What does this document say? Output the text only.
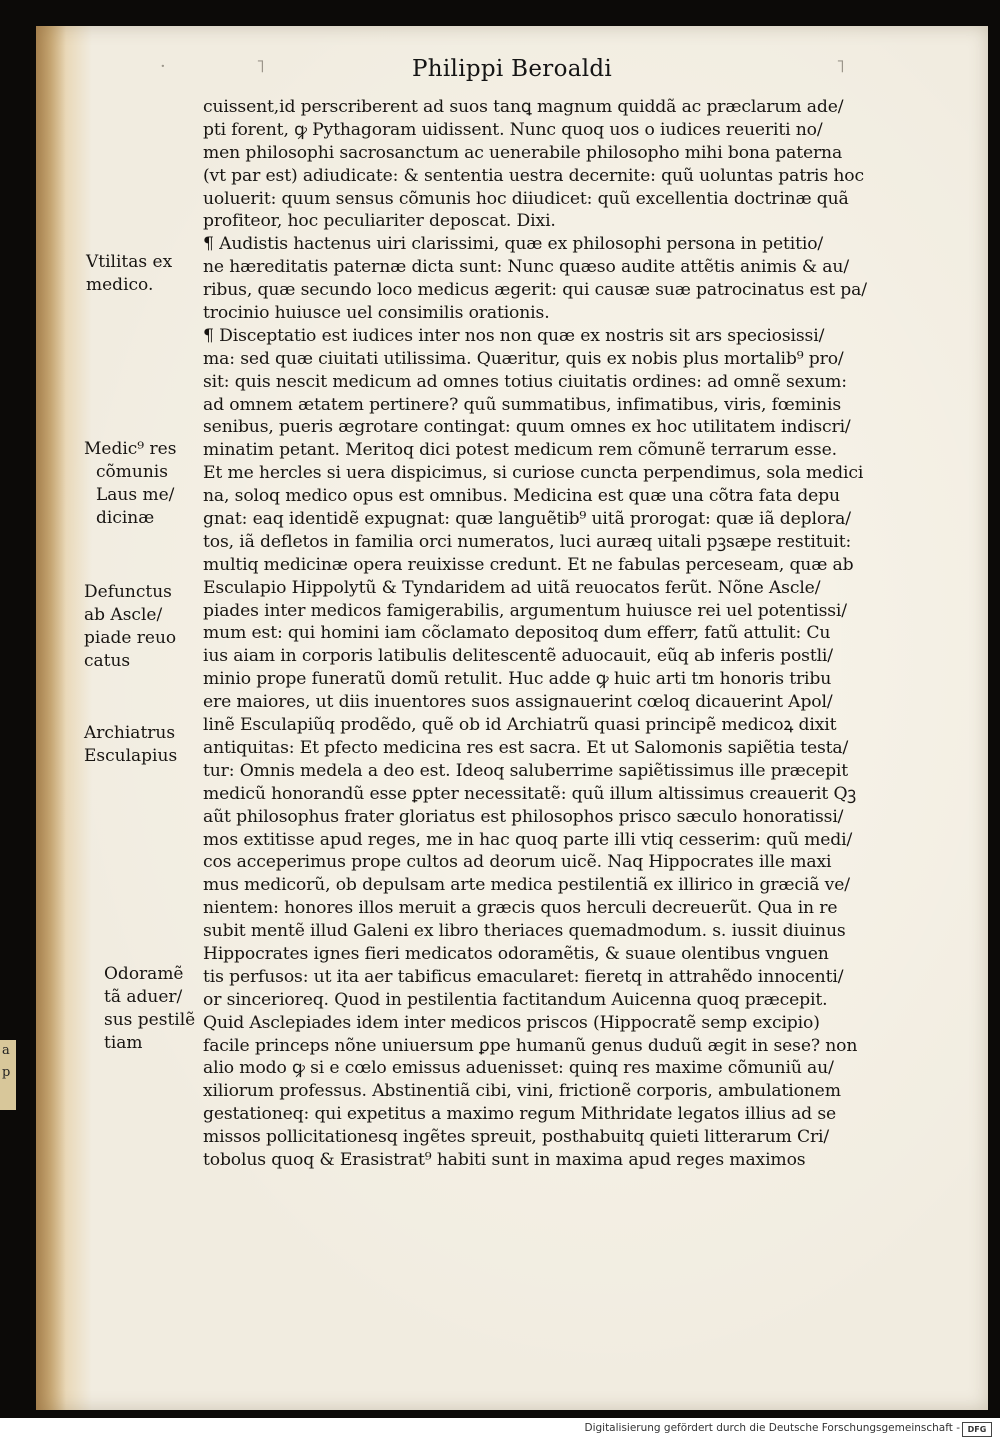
a
p
·	˥	Philippi Beroaldi	˥
Vtilitas ex
medico.
Medic⁹ res
cõmunis
Laus me/
dicinæ
Defunctus
ab Ascle/
piade reuo
catus
Archiatrus
Esculapius
Odoramẽ
tã aduer/
sus pestilẽ
tiam
cuissent,id perscriberent ad suos tanꝗ magnum quiddã ac præclarum ade/
pti forent, ꝙ Pythagoram uidissent. Nunc quoq uos o iudices reueriti no/
men philosophi sacrosanctum ac uenerabile philosopho mihi bona paterna
(vt par est) adiudicate: & sententia uestra decernite: quũ uoluntas patris hoc
uoluerit: quum sensus cõmunis hoc diiudicet: quũ excellentia doctrinæ quã
profiteor, hoc peculiariter deposcat. Dixi.
¶ Audistis hactenus uiri clarissimi, quæ ex philosophi persona in petitio/
ne hæreditatis paternæ dicta sunt: Nunc quæso audite attẽtis animis & au/
ribus, quæ secundo loco medicus ægerit: qui causæ suæ patrocinatus est pa/
trocinio huiusce uel consimilis orationis.
¶ Disceptatio est iudices inter nos non quæ ex nostris sit ars speciosissi/
ma: sed quæ ciuitati utilissima. Quæritur, quis ex nobis plus mortalib⁹ pro/
sit: quis nescit medicum ad omnes totius ciuitatis ordines: ad omnẽ sexum:
ad omnem ætatem pertinere? quũ summatibus, infimatibus, viris, fœminis
senibus, pueris ægrotare contingat: quum omnes ex hoc utilitatem indiscri/
minatim petant. Meritoq dici potest medicum rem cõmunẽ terrarum esse.
Et me hercles si uera dispicimus, si curiose cuncta perpendimus, sola medici
na, soloq medico opus est omnibus. Medicina est quæ una cõtra fata depu
gnat: eaq identidẽ expugnat: quæ languẽtib⁹ uitã prorogat: quæ iã deplora/
tos, iã defletos in familia orci numeratos, luci auræq uitali pꝫsæpe restituit:
multiq medicinæ opera reuixisse credunt. Et ne fabulas perceseam, quæ ab
Esculapio Hippolytũ & Tyndaridem ad uitã reuocatos ferũt. Nõne Ascle/
piades inter medicos famigerabilis, argumentum huiusce rei uel potentissi/
mum est: qui homini iam cõclamato depositoq dum efferr, fatũ attulit: Cu
ius aiam in corporis latibulis delitescentẽ aduocauit, eũq ab inferis postli/
minio prope funeratũ domũ retulit. Huc adde ꝙ huic arti tm honoris tribu
ere maiores, ut diis inuentores suos assignauerint cœloq dicauerint Apol/
linẽ Esculapiũq prodẽdo, quẽ ob id Archiatrũ quasi principẽ medicoꝝ dixit
antiquitas: Et pfecto medicina res est sacra. Et ut Salomonis sapiẽtia testa/
tur: Omnis medela a deo est. Ideoq saluberrime sapiẽtissimus ille præcepit
medicũ honorandũ esse ꝑpter necessitatẽ: quũ illum altissimus creauerit Qꝫ
aũt philosophus frater gloriatus est philosophos prisco sæculo honoratissi/
mos extitisse apud reges, me in hac quoq parte illi vtiq cesserim: quũ medi/
cos acceperimus prope cultos ad deorum uicẽ. Naq Hippocrates ille maxi
mus medicorũ, ob depulsam arte medica pestilentiã ex illirico in græciã ve/
nientem: honores illos meruit a græcis quos herculi decreuerũt. Qua in re
subit mentẽ illud Galeni ex libro theriaces quemadmodum. s. iussit diuinus
Hippocrates ignes fieri medicatos odoramẽtis, & suaue olentibus vnguen
tis perfusos: ut ita aer tabificus emacularet: fieretq in attrahẽdo innocenti/
or sincerioreq. Quod in pestilentia factitandum Auicenna quoq præcepit.
Quid Asclepiades idem inter medicos priscos (Hippocratẽ semp excipio)
facile princeps nõne uniuersum ꝑpe humanũ genus duduũ ægit in sese? non
alio modo ꝙ si e cœlo emissus aduenisset: quinq res maxime cõmuniũ au/
xiliorum professus. Abstinentiã cibi, vini, frictionẽ corporis, ambulationem
gestationeq: qui expetitus a maximo regum Mithridate legatos illius ad se
missos pollicitationesq ingẽtes spreuit, posthabuitq quieti litterarum Cri/
tobolus quoq & Erasistrat⁹ habiti sunt in maxima apud reges maximos
Digitalisierung gefördert durch die Deutsche Forschungsgemeinschaft - DFG
